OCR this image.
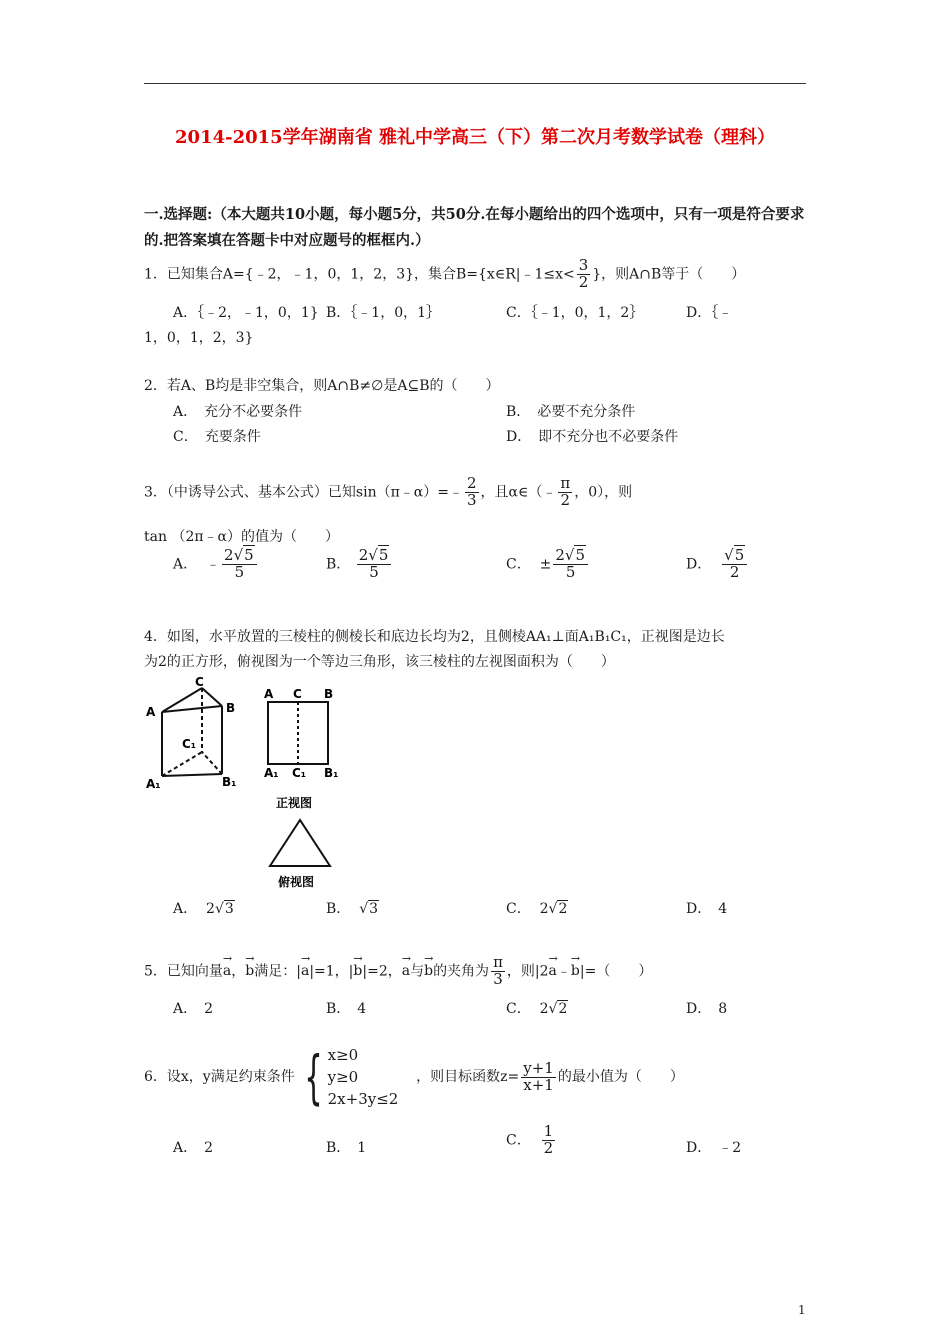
2014-2015学年湖南省 雅礼中学高三（下）第二次月考数学试卷（理科）
一.选择题:（本大题共10小题，每小题5分，共50分.在每小题给出的四个选项中，只有一项是符合要求的.把答案填在答题卡中对应题号的框框内.）
1．已知集合A={﹣2，﹣1，0，1，2，3}，集合B={x∈R|﹣1≤x< $\frac{3}{2}$ }，则A∩B等于（　　）
A．｛﹣2，﹣1，0，1} B．｛﹣1，0，1｝	C．｛﹣1，0，1，2｝	D．｛﹣
1，0，1，2，3}
2．若A、B均是非空集合，则A∩B≠∅是A⊆B的（　　）
A．　充分不必要条件	B．　必要不充分条件
C．　充要条件	D．　即不充分也不必要条件
3．（中诱导公式、基本公式）已知sin（π﹣α）=﹣ $\frac{2}{3}$ ，且α∈（﹣ $\frac{\pi}{2}$ ，0），则
tan （2π﹣α）的值为（　　）
A． ﹣ $\frac{2√5}{5}$	B． $\frac{2√5}{5}$	C． ± $\frac{2√5}{5}$	D． $\frac{√5}{2}$
4．如图，水平放置的三棱柱的侧棱长和底边长均为2，且侧棱AA₁⊥面A₁B₁C₁，正视图是边长
为2的正方形，俯视图为一个等边三角形，该三棱柱的左视图面积为（　　）
C
A	B
C₁
A₁	B₁
A C B
A₁ C₁ B₁
正视图
俯视图
A． 2√3	B． √3	C． 2√2	D．　4
5．已知向量→ a，→ b满足：|→ a|=1，|→ b|=2，→ a与→ b的夹角为 $\frac{\pi}{3}$ ，则|2→ a﹣→ b|=（　　）
A．　2	B．　4	C． 2√2	D．　8
6．设x，y满足约束条件 { x≥0
y≥0
2x+3y≤2
，则目标函数$z= \frac{y+1}{x+1}$ 的最小值为（　　）
A．　2	B．　1	C． $\frac{1}{2}$	D．　﹣2
1
